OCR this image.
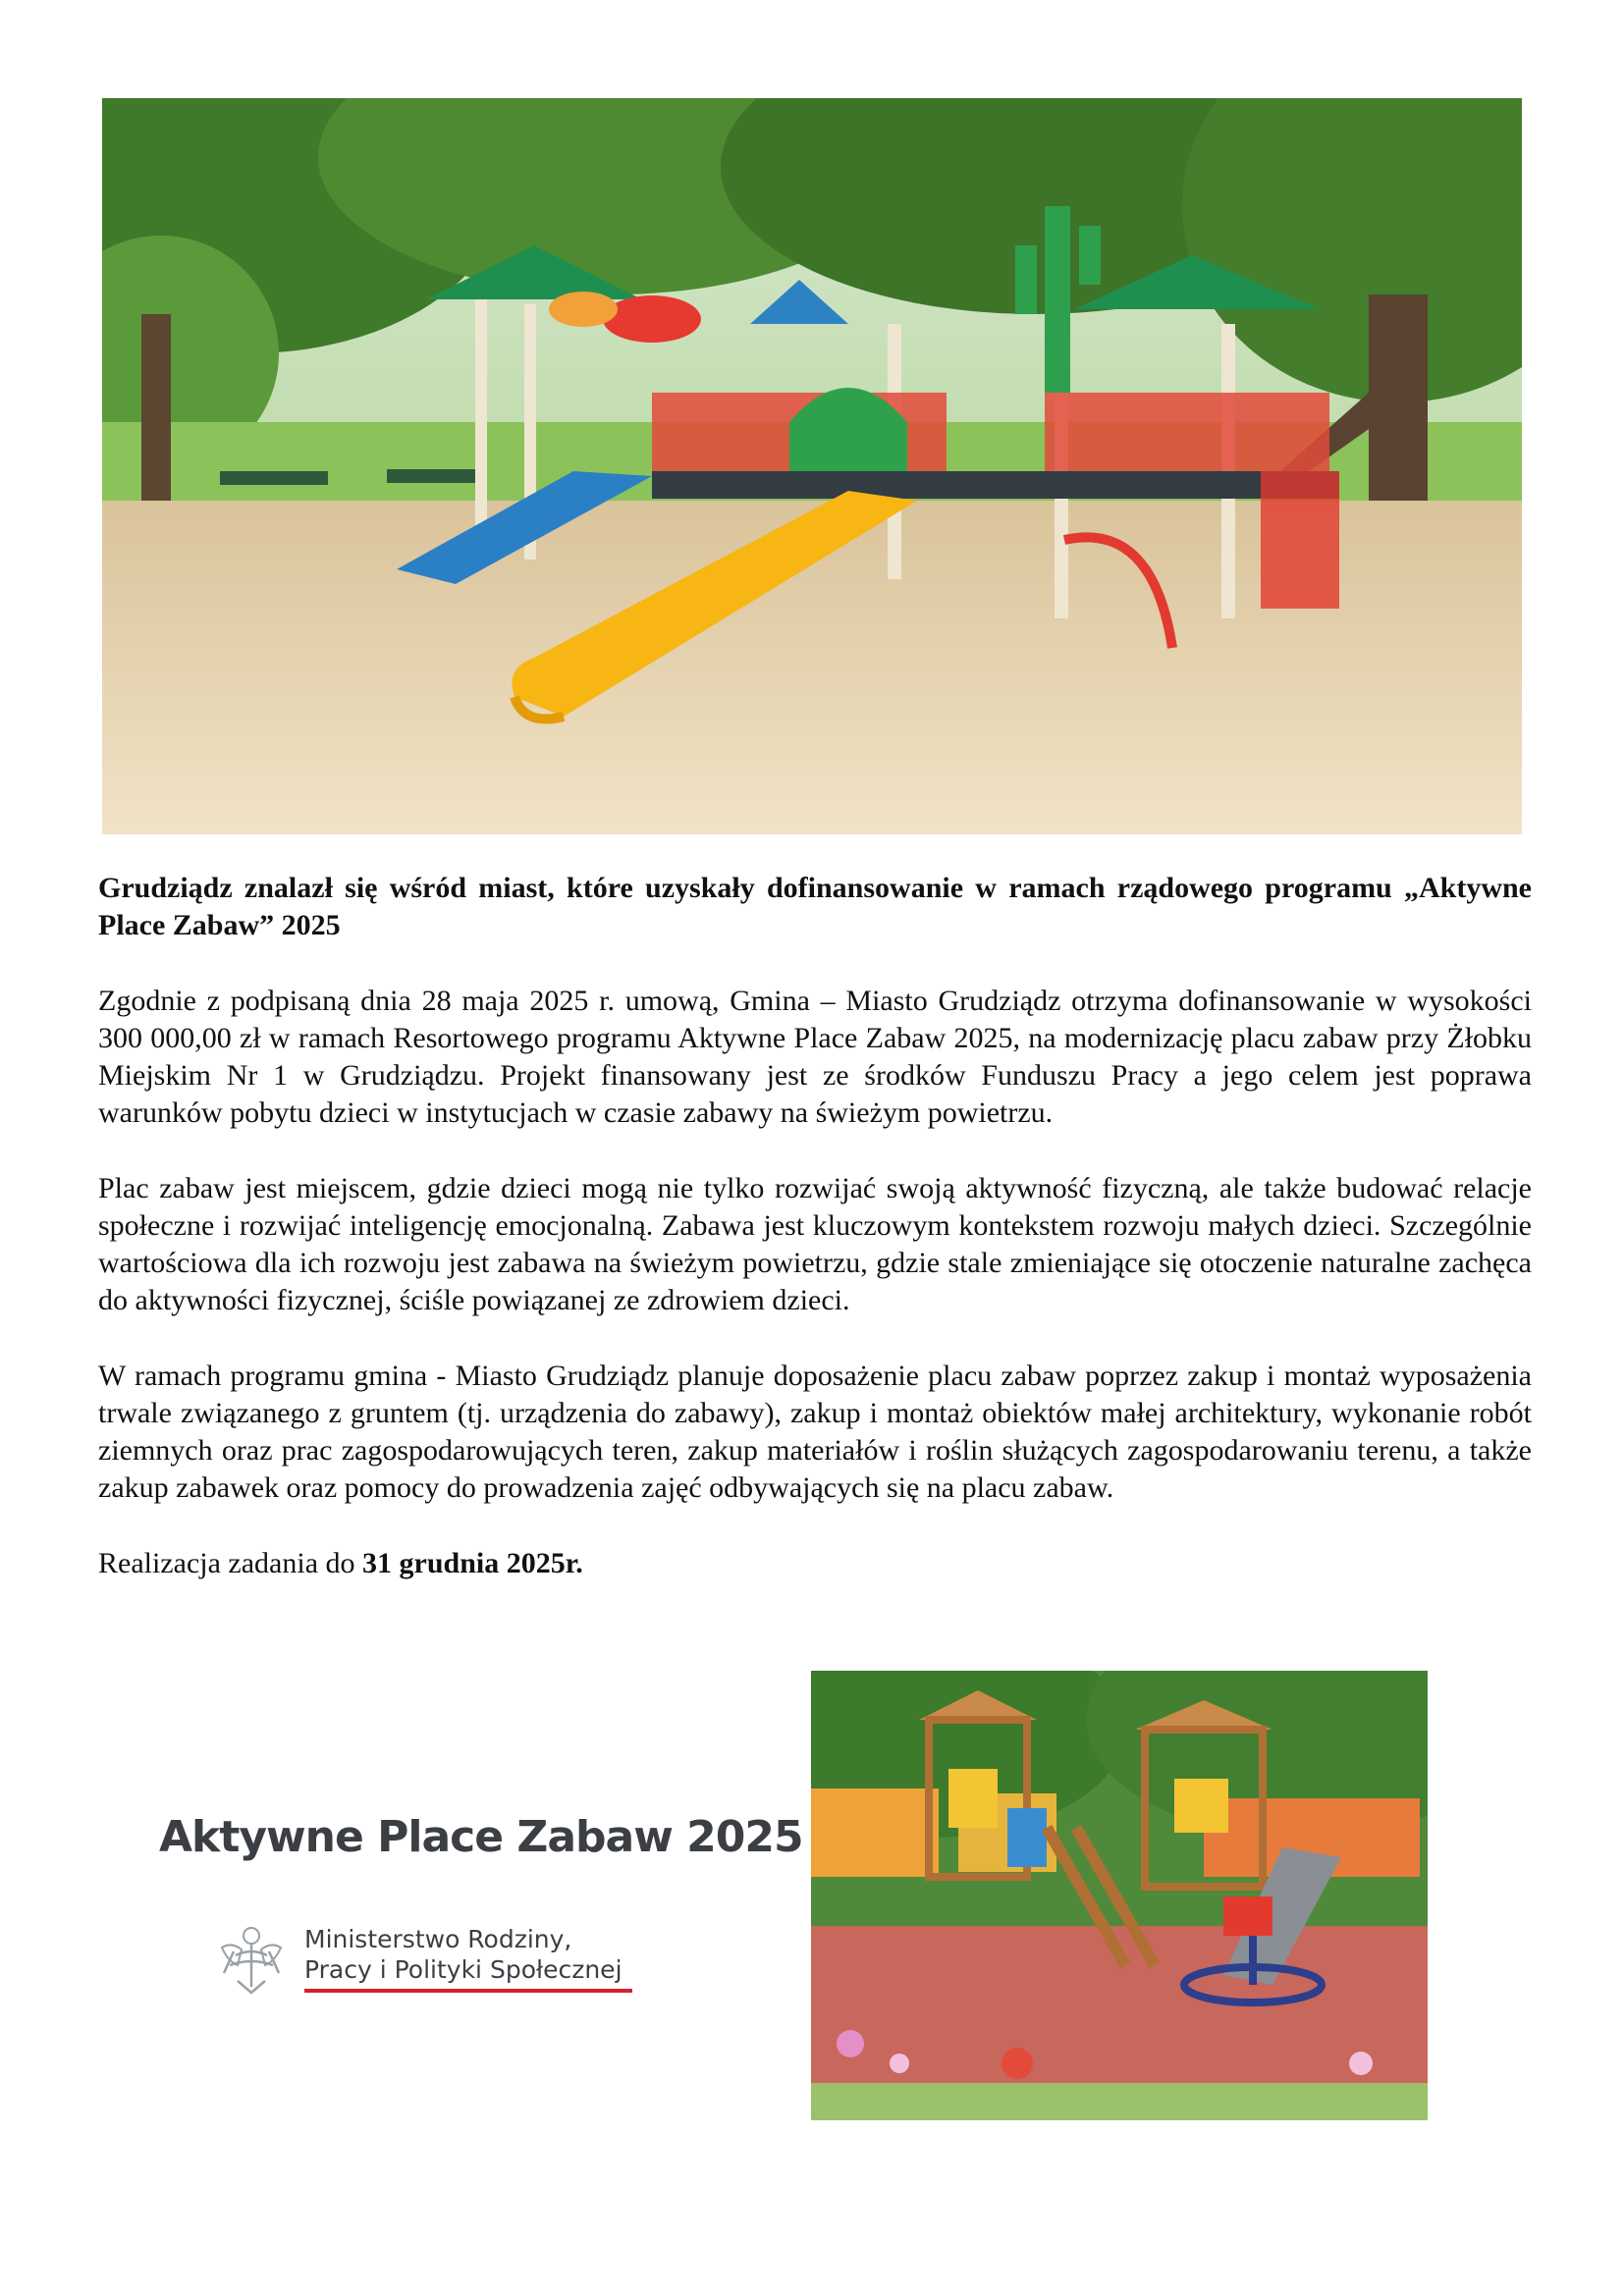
Grudziądz znalazł się wśród miast, które uzyskały dofinansowanie w ramach rządowego programu „Aktywne Place Zabaw” 2025

Zgodnie z podpisaną dnia 28 maja 2025 r. umową, Gmina – Miasto Grudziądz otrzyma dofinansowanie w wysokości 300 000,00 zł w ramach Resortowego programu Aktywne Place Zabaw 2025, na modernizację placu zabaw przy Żłobku Miejskim Nr 1 w Grudziądzu. Projekt finansowany jest ze środków Funduszu Pracy a jego celem jest poprawa warunków pobytu dzieci w instytucjach w czasie zabawy na świeżym powietrzu.

Plac zabaw jest miejscem, gdzie dzieci mogą nie tylko rozwijać swoją aktywność fizyczną, ale także budować relacje społeczne i rozwijać inteligencję emocjonalną. Zabawa jest kluczowym kontekstem rozwoju małych dzieci. Szczególnie wartościowa dla ich rozwoju jest zabawa na świeżym powietrzu, gdzie stale zmieniające się otoczenie naturalne zachęca do aktywności fizycznej, ściśle powiązanej ze zdrowiem dzieci.

W ramach programu gmina - Miasto Grudziądz planuje doposażenie placu zabaw poprzez zakup i montaż wyposażenia trwale związanego z gruntem (tj. urządzenia do zabawy), zakup i montaż obiektów małej architektury, wykonanie robót ziemnych oraz prac zagospodarowujących teren, zakup materiałów i roślin służących zagospodarowaniu terenu, a także zakup zabawek oraz pomocy do prowadzenia zajęć odbywających się na placu zabaw.

Realizacja zadania do 31 grudnia 2025r.

Aktywne Place Zabaw 2025
Ministerstwo Rodziny,
Pracy i Polityki Społecznej
